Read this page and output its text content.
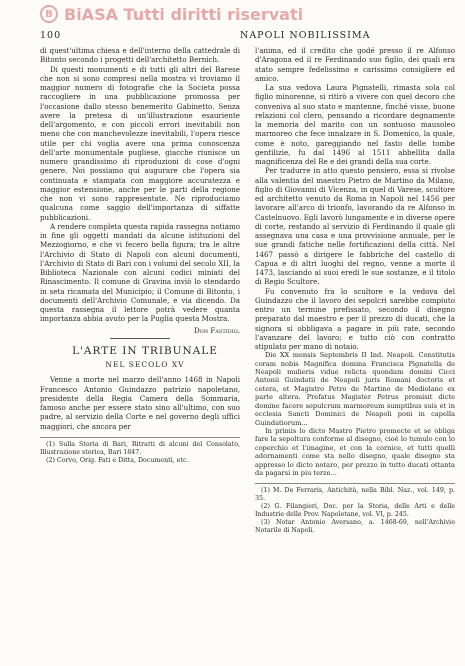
B BiASA Tutti diritti riservati
100	NAPOLI NOBILISSIMA

di quest'ultima chiesa e dell'interno della cattedrale di Bitonto secondo i progetti dell'architetto Bernich.

Di questi monumenti e di tutti gli altri del Barese che non si sono compresi nella mostra vi troviamo il maggior numero di fotografie che la Societa possa raccogliere in una pubblicazione promossa per l'occasione dallo stesso benemerito Gabinetto. Senza avere la pretesa di un'illustrazione esauriente dell'argomento, e con piccoli errori inevitabili non meno che con manchevolezze inevitabili, l'opera riesce utile per chi voglia avere una prima conoscenza dell'arte monumentale pugliese, giacche riunisce un numero grandissimo di riproduzioni di cose d'ogni genere. Noi possiamo qui augurare che l'opera sia continuata e stampata con maggiore accuratezza e maggior estensione, anche per le parti della regione che non vi sono rappresentate. Ne riproduciamo qualcuna come saggio dell'importanza di siffatte pubblicazioni.

A rendere completa questa rapida rassegna notiamo in fine gli oggetti mandati da alcune istituzioni del Mezzogiorno, e che vi fecero bella figura; tra le altre l'Archivio di Stato di Napoli con alcuni documenti, l'Archivio di Stato di Bari con i volumi del secolo XII, la Biblioteca Nazionale con alcuni codici miniati del Rinascimento. Il comune di Gravina inviò lo stendardo in seta ricamata del Municipio; il Comune di Bitonto, i documenti dell'Archivio Comunale, e via dicendo. Da questa rassegna il lettore potrà vedere quanta importanza abbia avuto per la Puglia questa Mostra.

Don Fastidio.

L'ARTE IN TRIBUNALE

NEL SECOLO XV

Venne a morte nel marzo dell'anno 1468 in Napoli Francesco Antonio Guindazzo patrizio napoletano, presidente della Regia Camera della Sommaria, famoso anche per essere stato sino all'ultimo, con suo padre, al servizio della Corte e nel governo degli uffici maggiori, che ancora per

(1) Sulla Storia di Bari, Ritratti di alcuni del Consolato, Illustrazione storica, Bari 1847.

(2) Corvo, Orig. Fati e Ditta, Documenti, etc.

l'anima, ed il credito che godé presso il re Alfonso d'Aragona ed il re Ferdinando suo figlio, dei quali era stato sempre fedelissimo e carissimo consigliere ed amico.

La sua vedova Laura Pignatelli, rimasta sola col figlio minorenne, si ritirò a vivere con quel decoro che conveniva al suo stato e mantenne, finché visse, buone relazioni col clero, pensando a ricordare degnamente la memoria del marito con un sontuoso mausoleo marmoreo che fece innalzare in S. Domenico, la quale, come è noto, gareggiando nel fasto delle tombe gentilizie, fu dal 1496 al 1511 abbellita dalla magnificenza del Re e dei grandi della sua corte.

Per tradurre in atto questo pensiero, essa si rivolse alla valentia del maestro Pietro de Martino da Milano, figlio di Giovanni di Vicenza, in quel di Varese, scultore ed architetto venuto da Roma in Napoli nel 1456 per lavorare all'arco di trionfo, lavorando da re Alfonso in Castelnuovo. Egli lavorò lungamente e in diverse opere di corte, restando al servizio di Ferdinando il quale gli assegnava una casa e una provvisione annuale, per le sue grandi fatiche nelle fortificazioni della città. Nel 1467 passò a dirigere le fabbriche del castello di Capua e di altri luoghi del regno, venne a morte il 1473, lasciando ai suoi eredi le sue sostanze, e il titolo di Regio Scultore.

Fu convenuto fra lo scultore e la vedova del Guindazzo che il lavoro dei sepolcri sarebbe compiuto entro un termine prefissato, secondo il disegno preparato dal maestro e per il prezzo di ducati, che la signora si obbligava a pagare in più rate, secondo l'avanzare del lavoro; e tutto ciò con contratto stipulato per mano di notaio.

Die XX mensis Septembris II Ind. Neapoli. Constitutis coram nobis Magnifica domina Francisca Pignatella de Neapoli mulieris vidue relicta quondam domini Cicci Antonii Guindatii de Neapoli juris Romani doctoris et cetera, et Magistro Petro de Martino de Mediolano ex parte altera. Prefatus Magister Petrus promisit dicte domine facere sepulcrum marmoreum sumptibus suis et in ecclesia Sancti Dominici de Neapoli poni in capella Guindatiorum...

In primis lo dicto Mastro Pietro promecte et se obliga fare la sepoltura conforme al disegno, cioè lo tumulo con lo coperchio et l'imagine, et con la cornice, et tutti quelli adornamenti come sta nello disegno, quale disegno sta appresso lo dicto notaro, per prezzo in tutto ducati ottanta da pagarsi in piu terze...

(1) M. De Ferraris, Antichità, nella Bibl. Naz., vol. 149, p. 35.

(2) G. Filangieri, Doc. per la Storia, delle Arti e delle Industrie delle Prov. Napoletane, vol. VI, p. 245.

(3) Notar Antonio Aversano, a. 1468-69, nell'Archivio Notarile di Napoli.
